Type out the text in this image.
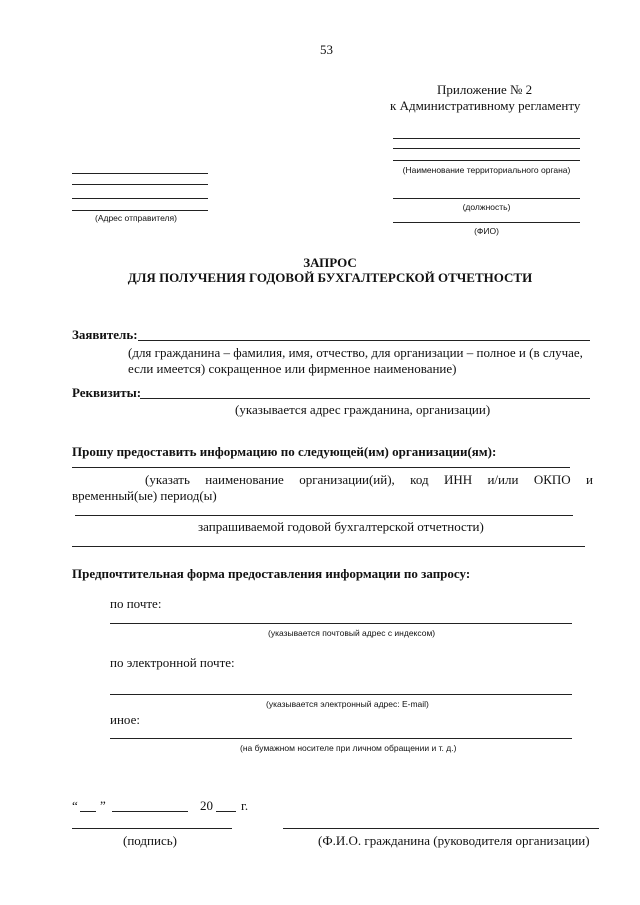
53
Приложение № 2
к Административному регламенту
(Наименование территориального органа)
(должность)
(ФИО)
(Адрес отправителя)
ЗАПРОС
ДЛЯ ПОЛУЧЕНИЯ ГОДОВОЙ БУХГАЛТЕРСКОЙ ОТЧЕТНОСТИ
Заявитель:
(для гражданина – фамилия, имя, отчество, для организации – полное и (в случае,
если имеется) сокращенное или фирменное наименование)
Реквизиты:
(указывается адрес гражданина, организации)
Прошу предоставить информацию по следующей(им) организации(ям):
(указать наименование организации(ий), код ИНН и/или ОКПО и
временный(ые) период(ы)
запрашиваемой годовой бухгалтерской отчетности)
Предпочтительная форма предоставления информации по запросу:
по почте:
(указывается почтовый адрес с индексом)
по электронной почте:
(указывается электронный адрес: E-mail)
иное:
(на бумажном носителе при личном обращении и т. д.)
“ ”	20 г.
(подпись)	(Ф.И.О. гражданина (руководителя организации)
